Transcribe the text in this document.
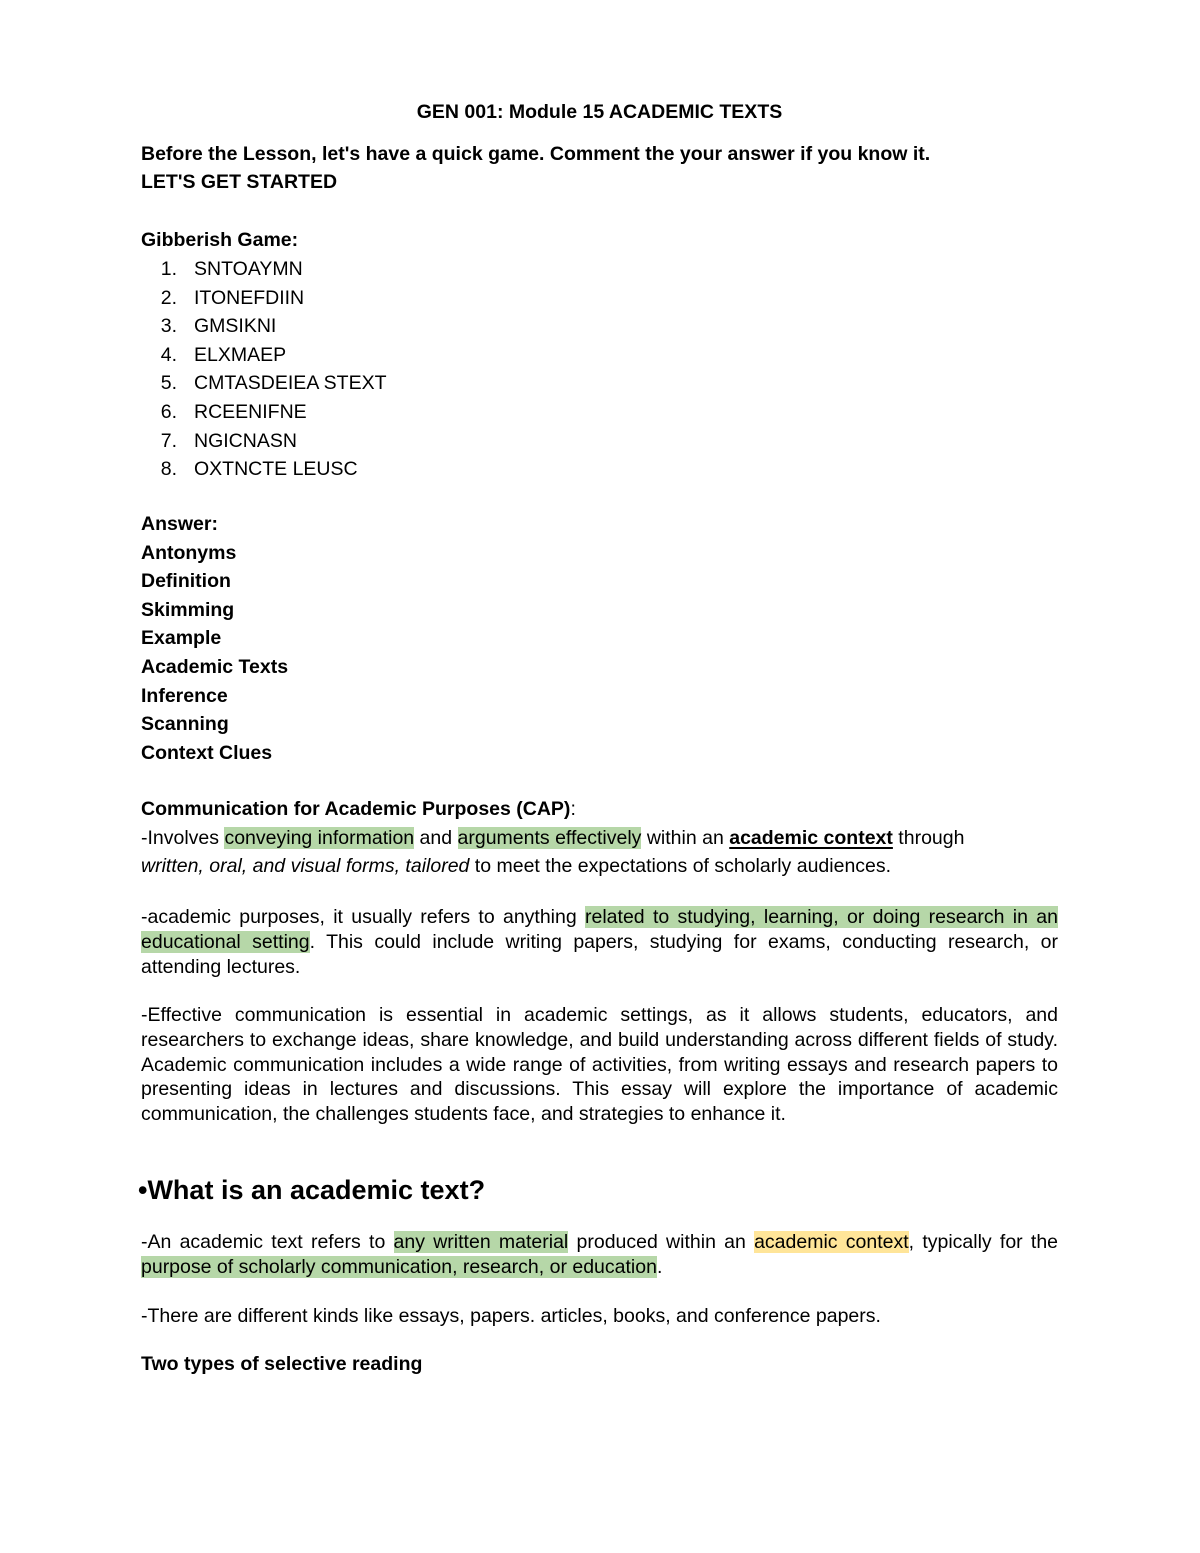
GEN 001: Module 15 ACADEMIC TEXTS
Before the Lesson, let's have a quick game. Comment the your answer if you know it.
LET'S GET STARTED
Gibberish Game:
1. SNTOAYMN
2. ITONEFDIIN
3. GMSIKNI
4. ELXMAEP
5. CMTASDEIEA STEXT
6. RCEENIFNE
7. NGICNASN
8. OXTNCTE LEUSC
Answer:
Antonyms
Definition
Skimming
Example
Academic Texts
Inference
Scanning
Context Clues
Communication for Academic Purposes (CAP):
-Involves conveying information and arguments effectively within an academic context through
written, oral, and visual forms, tailored to meet the expectations of scholarly audiences.
-academic purposes, it usually refers to anything related to studying, learning, or doing research in an educational setting. This could include writing papers, studying for exams, conducting research, or attending lectures.
-Effective communication is essential in academic settings, as it allows students, educators, and researchers to exchange ideas, share knowledge, and build understanding across different fields of study. Academic communication includes a wide range of activities, from writing essays and research papers to presenting ideas in lectures and discussions. This essay will explore the importance of academic communication, the challenges students face, and strategies to enhance it.
•What is an academic text?
-An academic text refers to any written material produced within an academic context, typically for the purpose of scholarly communication, research, or education.
-There are different kinds like essays, papers. articles, books, and conference papers.
Two types of selective reading
